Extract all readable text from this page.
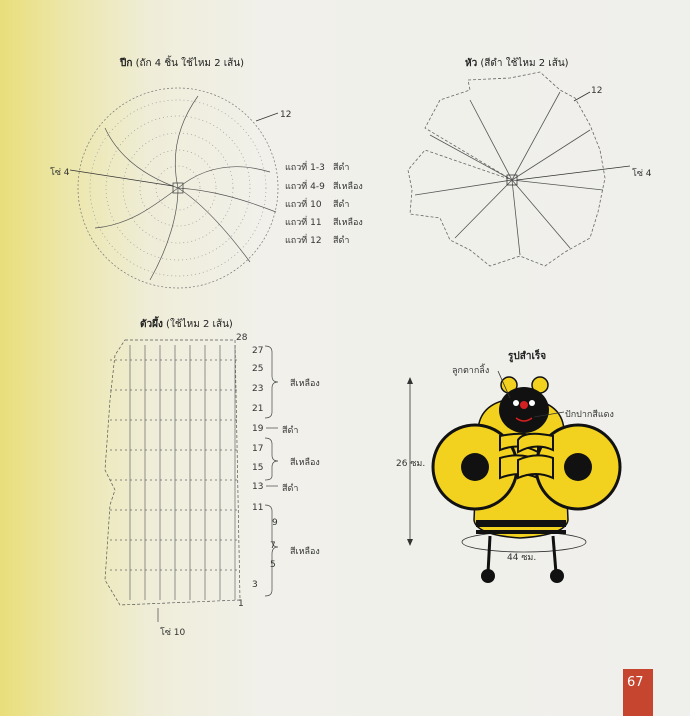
ปีก (ถัก 4 ชิ้น ใช้ไหม 2 เส้น)
โซ่ 4
12
แถวที่ 1-3 สีดำ
แถวที่ 4-9 สีเหลือง
แถวที่ 10 สีดำ
แถวที่ 11 สีเหลือง
แถวที่ 12 สีดำ
หัว (สีดำ ใช้ไหม 2 เส้น)
12
โซ่ 4
ตัวผึ้ง (ใช้ไหม 2 เส้น)
28
27
25
23
21
19
17
15
13
11
9
7
5
3
1
สีเหลือง
สีดำ
สีเหลือง
สีดำ
สีเหลือง
โซ่ 10
รูปสำเร็จ
ลูกตากลิ้ง
ปักปากสีแดง
26 ซม.
44 ซม.
67
